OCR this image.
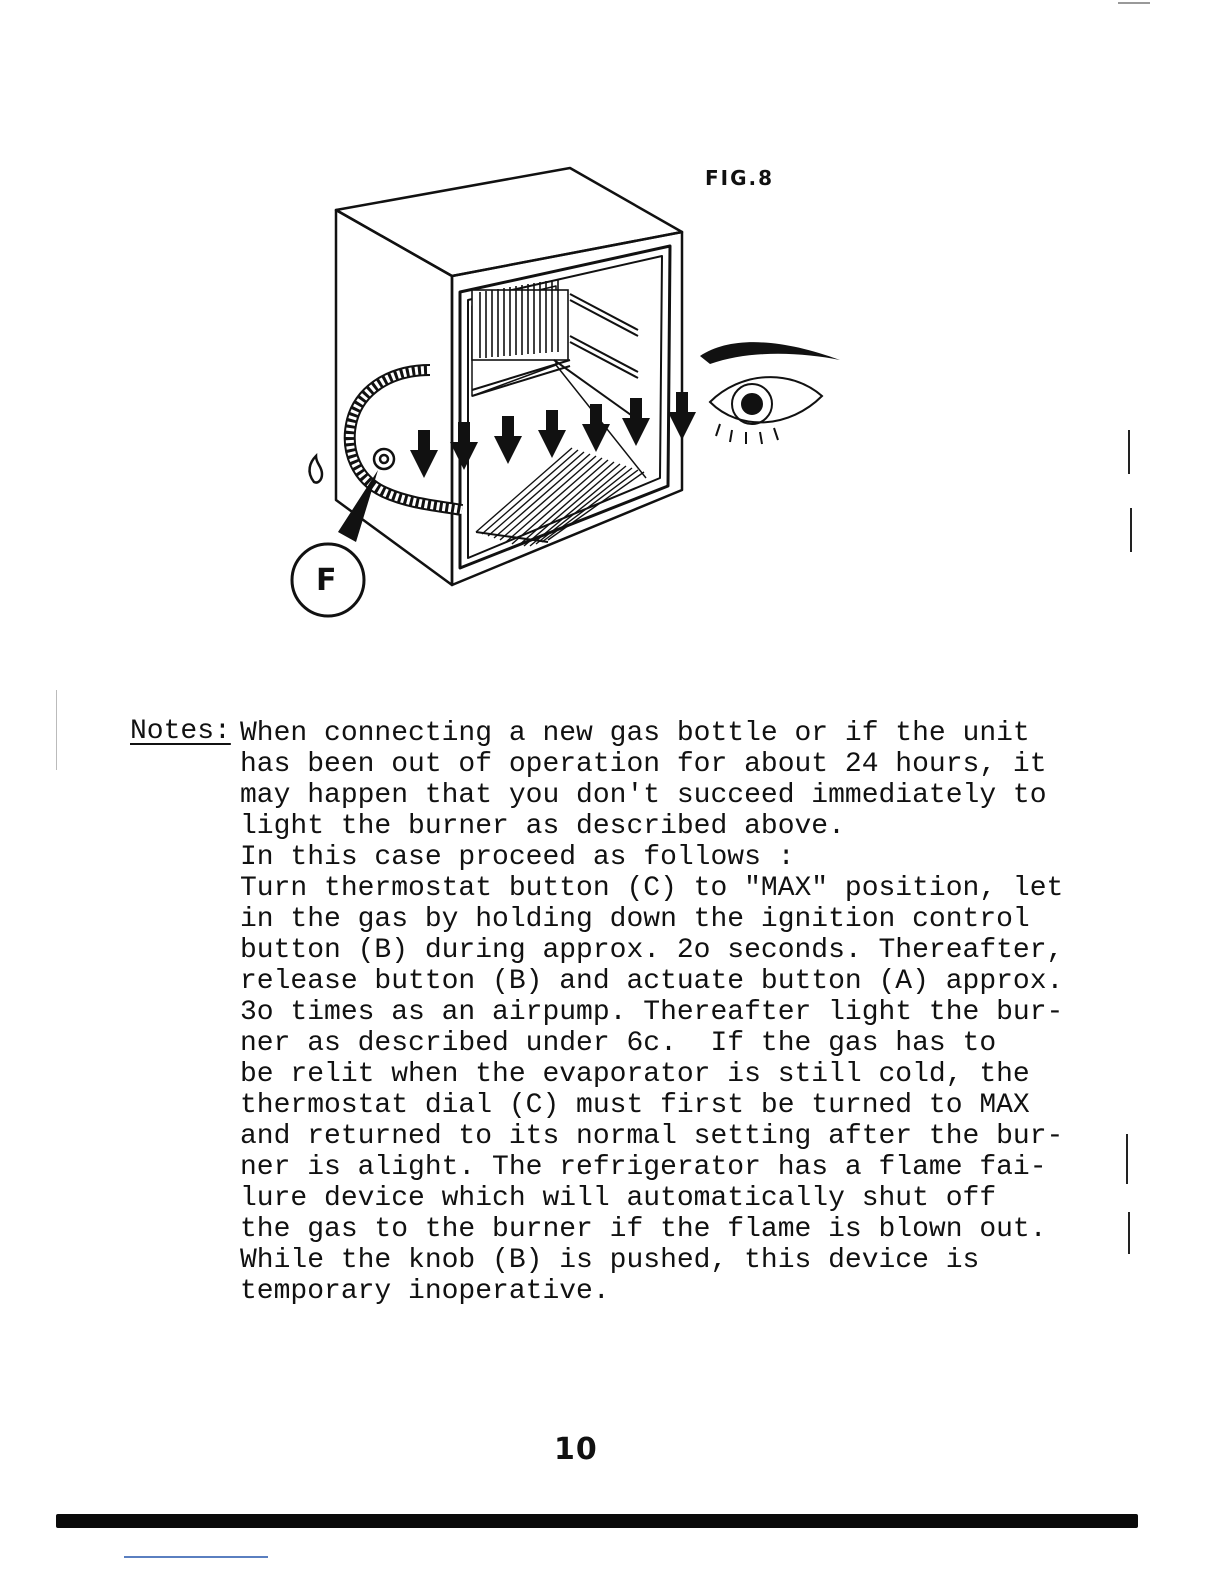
FIG.8
F
Notes: When connecting a new gas bottle or if the unit
has been out of operation for about 24 hours, it
may happen that you don't succeed immediately to
light the burner as described above.
In this case proceed as follows :
Turn thermostat button (C) to "MAX" position, let
in the gas by holding down the ignition control
button (B) during approx. 2o seconds. Thereafter,
release button (B) and actuate button (A) approx.
3o times as an airpump. Thereafter light the bur-
ner as described under 6c.  If the gas has to
be relit when the evaporator is still cold, the
thermostat dial (C) must first be turned to MAX
and returned to its normal setting after the bur-
ner is alight. The refrigerator has a flame fai-
lure device which will automatically shut off
the gas to the burner if the flame is blown out.
While the knob (B) is pushed, this device is
temporary inoperative.
10
